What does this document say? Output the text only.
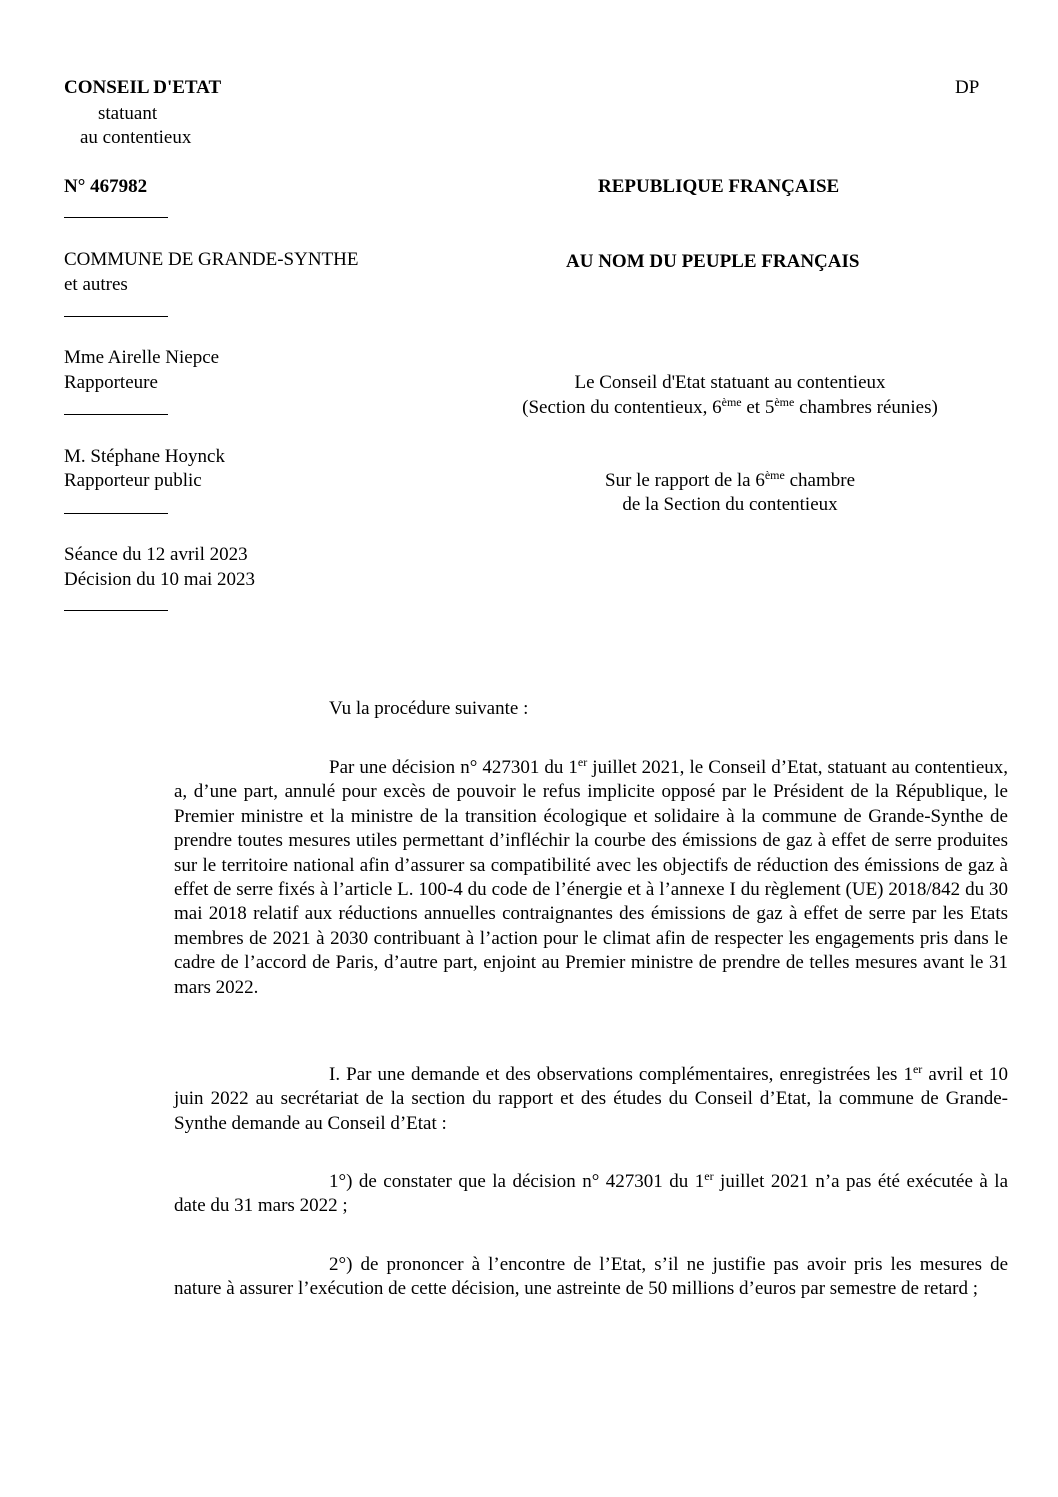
CONSEIL D'ETAT
statuant
au contentieux
DP
N° 467982	REPUBLIQUE FRANÇAISE
COMMUNE DE GRANDE-SYNTHE
et autres
AU NOM DU PEUPLE FRANÇAIS
Mme Airelle Niepce
Rapporteure
M. Stéphane Hoynck
Rapporteur public
Séance du 12 avril 2023
Décision du 10 mai 2023
Le Conseil d'Etat statuant au contentieux
(Section du contentieux, 6ème et 5ème chambres réunies)
Sur le rapport de la 6ème chambre
de la Section du contentieux
Vu la procédure suivante :
Par une décision n° 427301 du 1er juillet 2021, le Conseil d’Etat, statuant au contentieux, a, d’une part, annulé pour excès de pouvoir le refus implicite opposé par le Président de la République, le Premier ministre et la ministre de la transition écologique et solidaire à la commune de Grande-Synthe de prendre toutes mesures utiles permettant d’infléchir la courbe des émissions de gaz à effet de serre produites sur le territoire national afin d’assurer sa compatibilité avec les objectifs de réduction des émissions de gaz à effet de serre fixés à l’article L. 100-4 du code de l’énergie et à l’annexe I du règlement (UE) 2018/842 du 30 mai 2018 relatif aux réductions annuelles contraignantes des émissions de gaz à effet de serre par les Etats membres de 2021 à 2030 contribuant à l’action pour le climat afin de respecter les engagements pris dans le cadre de l’accord de Paris, d’autre part, enjoint au Premier ministre de prendre de telles mesures avant le 31 mars 2022.
I. Par une demande et des observations complémentaires, enregistrées les 1er avril et 10 juin 2022 au secrétariat de la section du rapport et des études du Conseil d’Etat, la commune de Grande-Synthe demande au Conseil d’Etat :
1°) de constater que la décision n° 427301 du 1er juillet 2021 n’a pas été exécutée à la date du 31 mars 2022 ;
2°) de prononcer à l’encontre de l’Etat, s’il ne justifie pas avoir pris les mesures de nature à assurer l’exécution de cette décision, une astreinte de 50 millions d’euros par semestre de retard ;
